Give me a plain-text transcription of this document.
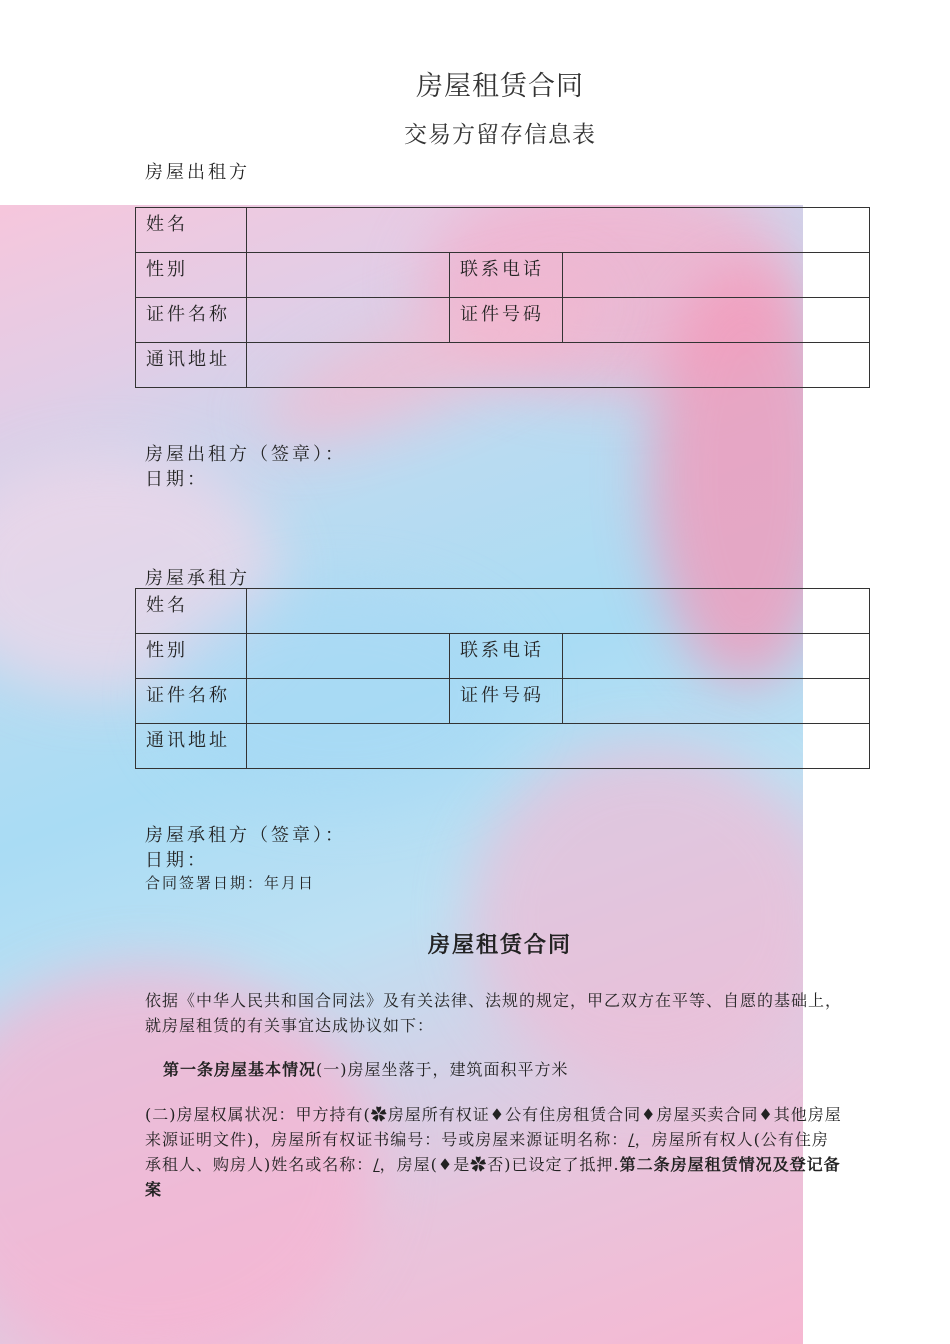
房屋租赁合同
交易方留存信息表
房屋出租方
姓名			
性别		联系电话	
证件名称		证件号码	
通讯地址			
房屋出租方（签章）：
日期：
房屋承租方
姓名			
性别		联系电话	
证件名称		证件号码	
通讯地址			
房屋承租方（签章）：
日期：
合同签署日期：年月日
房屋租赁合同
依据《中华人民共和国合同法》及有关法律、法规的规定，甲乙双方在平等、自愿的基础上，就房屋租赁的有关事宜达成协议如下：
第一条房屋基本情况(一)房屋坐落于，建筑面积平方米
(二)房屋权属状况：甲方持有(✿房屋所有权证♦公有住房租赁合同♦房屋买卖合同♦其他房屋来源证明文件)，房屋所有权证书编号：号或房屋来源证明名称：/，房屋所有权人(公有住房承租人、购房人)姓名或名称：/，房屋(♦是✿否)已设定了抵押.第二条房屋租赁情况及登记备案
